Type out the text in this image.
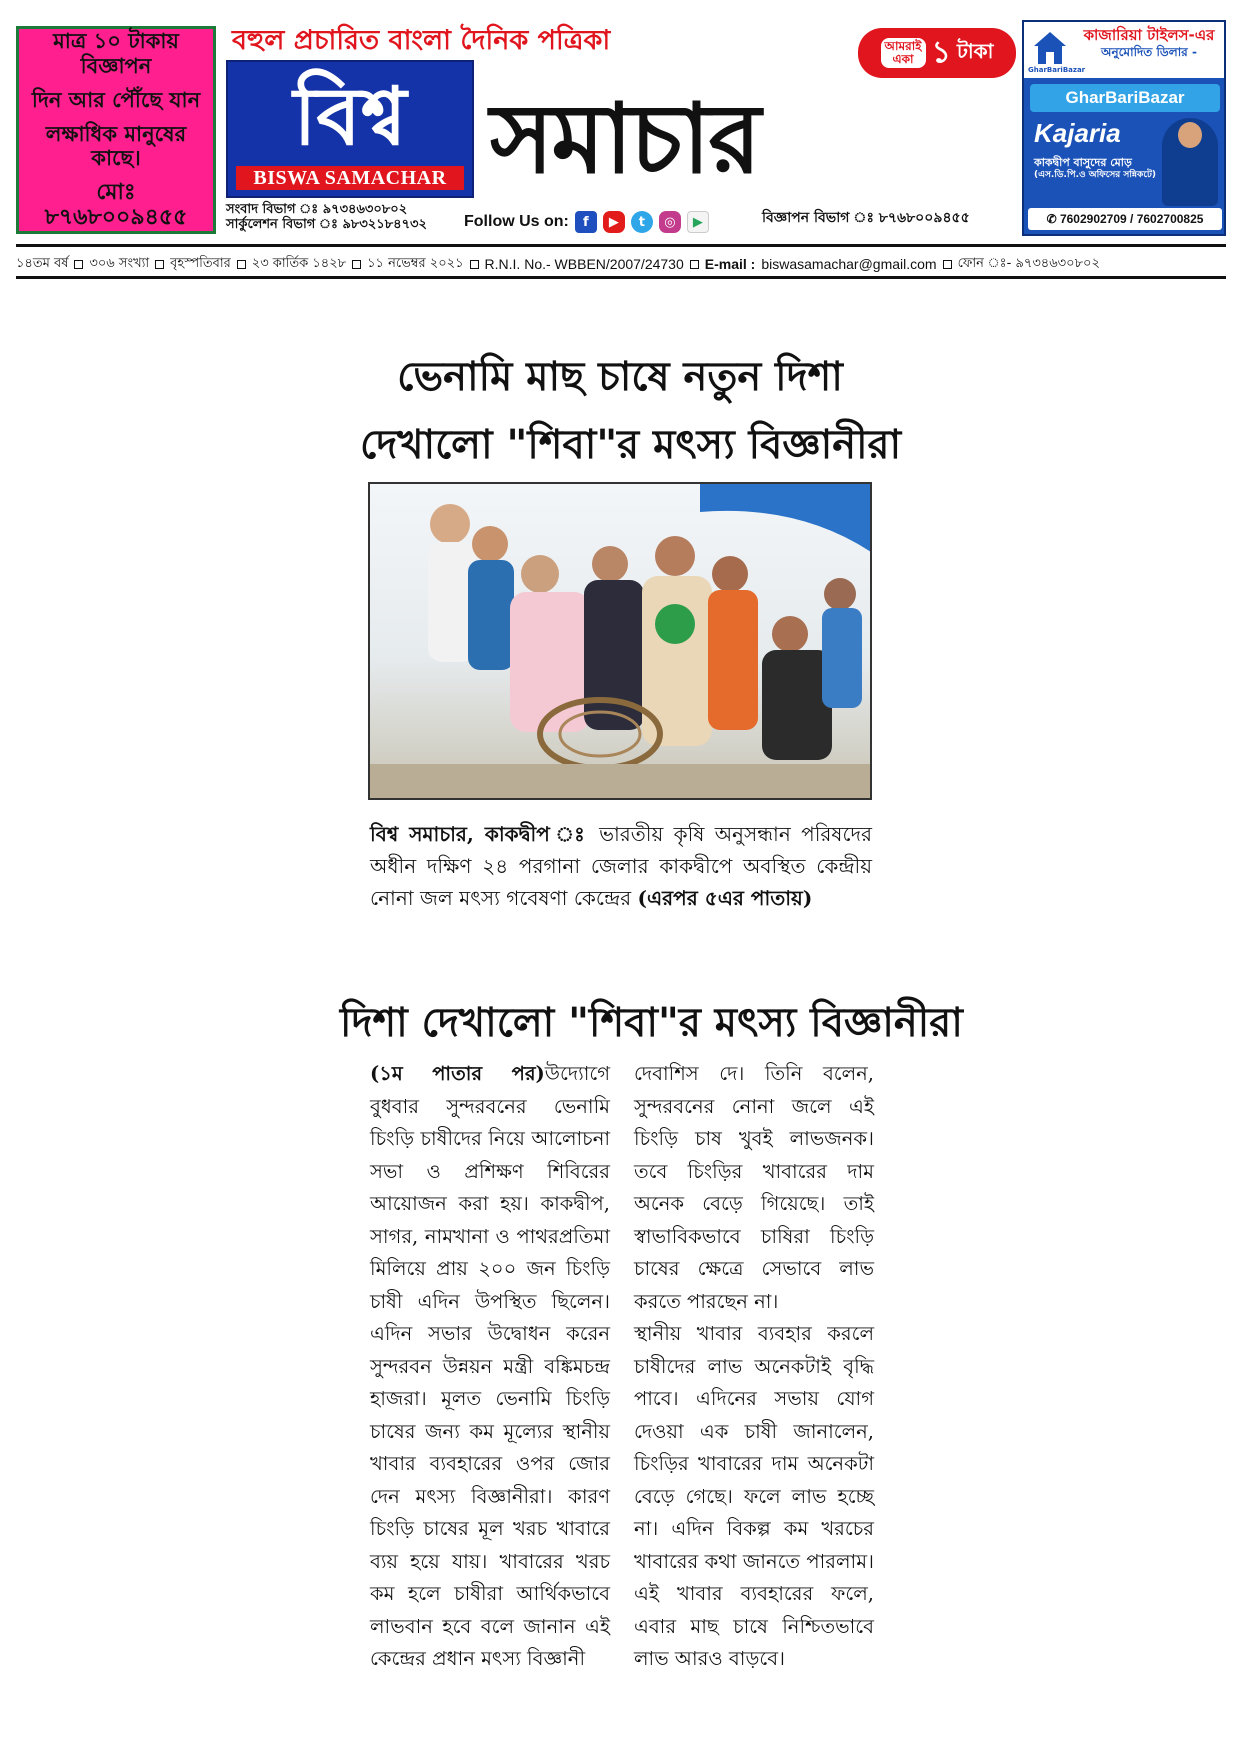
মাত্র ১০ টাকায় বিজ্ঞাপন
দিন আর পৌঁছে যান
লক্ষাধিক মানুষের কাছে।
মোঃ ৮৭৬৮০০৯৪৫৫
বহুল প্রচারিত বাংলা দৈনিক পত্রিকা
বিশ্ব
BISWA SAMACHAR সমাচার
আমরাই
একা ১ টাকা
সংবাদ বিভাগ ঃ ৯৭৩৪৬৩০৮০২
সার্কুলেশন বিভাগ ঃ ৯৮৩২১৮৪৭৩২	Follow Us on:	f	▶	t	◎	▶	বিজ্ঞাপন বিভাগ ঃ ৮৭৬৮০০৯৪৫৫
কাজারিয়া টাইলস-এর
অনুমোদিত ডিলার -
GharBariBazar
GharBariBazar
Kajaria
কাকদ্বীপ বাসুদের মোড়
(এস.ডি.পি.ও অফিসের সন্নিকটে)
✆ 7602902709 / 7602700825
১৪তম বর্ষ ৩০৬ সংখ্যা বৃহস্পতিবার ২৩ কার্তিক ১৪২৮ ১১ নভেম্বর ২০২১ R.N.I. No.- WBBEN/2007/24730 E-mail : biswasamachar@gmail.com ফোন ঃ- ৯৭৩৪৬৩০৮০২
ভেনামি মাছ চাষে নতুন দিশা
দেখালো "শিবা"র মৎস্য বিজ্ঞানীরা
বিশ্ব সমাচার, কাকদ্বীপ ঃ ভারতীয় কৃষি অনুসন্ধান পরিষদের অধীন দক্ষিণ ২৪ পরগানা জেলার কাকদ্বীপে অবস্থিত কেন্দ্রীয় নোনা জল মৎস্য গবেষণা কেন্দ্রের (এরপর ৫এর পাতায়)
দিশা দেখালো "শিবা"র মৎস্য বিজ্ঞানীরা

(১ম পাতার পর)উদ্যোগে বুধবার সুন্দরবনের ভেনামি চিংড়ি চাষীদের নিয়ে আলোচনা সভা ও প্রশিক্ষণ শিবিরের আয়োজন করা হয়। কাকদ্বীপ, সাগর, নামখানা ও পাথরপ্রতিমা মিলিয়ে প্রায় ২০০ জন চিংড়ি চাষী এদিন উপস্থিত ছিলেন। এদিন সভার উদ্বোধন করেন সুন্দরবন উন্নয়ন মন্ত্রী বঙ্কিমচন্দ্র হাজরা। মূলত ভেনামি চিংড়ি চাষের জন্য কম মূল্যের স্থানীয় খাবার ব্যবহারের ওপর জোর দেন মৎস্য বিজ্ঞানীরা। কারণ চিংড়ি চাষের মূল খরচ খাবারে ব্যয় হয়ে যায়। খাবারের খরচ কম হলে চাষীরা আর্থিকভাবে লাভবান হবে বলে জানান এই কেন্দ্রের প্রধান মৎস্য বিজ্ঞানী

দেবাশিস দে। তিনি বলেন, সুন্দরবনের নোনা জলে এই চিংড়ি চাষ খুবই লাভজনক। তবে চিংড়ির খাবারের দাম অনেক বেড়ে গিয়েছে। তাই স্বাভাবিকভাবে চাষিরা চিংড়ি চাষের ক্ষেত্রে সেভাবে লাভ করতে পারছেন না।

স্থানীয় খাবার ব্যবহার করলে চাষীদের লাভ অনেকটাই বৃদ্ধি পাবে। এদিনের সভায় যোগ দেওয়া এক চাষী জানালেন, চিংড়ির খাবারের দাম অনেকটা বেড়ে গেছে। ফলে লাভ হচ্ছে না। এদিন বিকল্প কম খরচের খাবারের কথা জানতে পারলাম। এই খাবার ব্যবহারের ফলে, এবার মাছ চাষে নিশ্চিতভাবে লাভ আরও বাড়বে।
